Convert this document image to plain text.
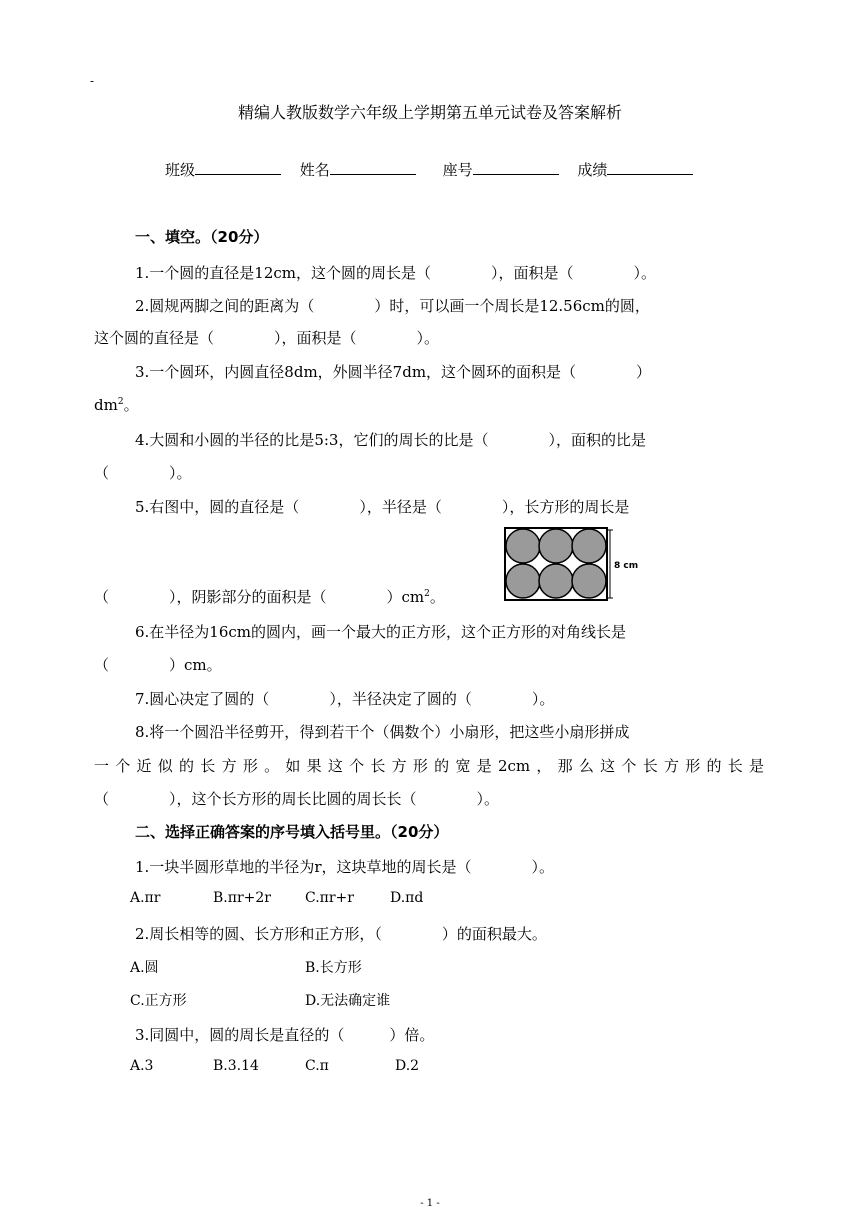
-
精编人教版数学六年级上学期第五单元试卷及答案解析
班级	姓名	座号	成绩
一、填空。（20分）
1.一个圆的直径是12cm，这个圆的周长是（　　　　），面积是（　　　　）。
2.圆规两脚之间的距离为（　　　　）时，可以画一个周长是12.56cm的圆，
这个圆的直径是（　　　　），面积是（　　　　）。
3.一个圆环，内圆直径8dm，外圆半径7dm，这个圆环的面积是（　　　　）
$dm^2$。
4.大圆和小圆的半径的比是5:3，它们的周长的比是（　　　　），面积的比是
（　　　　）。
5.右图中，圆的直径是（　　　　），半径是（　　　　），长方形的周长是
（　　　　），阴影部分的面积是（　　　　）$cm^2$。
8 cm
6.在半径为16cm的圆内，画一个最大的正方形，这个正方形的对角线长是
（　　　　）cm。
7.圆心决定了圆的（　　　　），半径决定了圆的（　　　　）。
8.将一个圆沿半径剪开，得到若干个（偶数个）小扇形，把这些小扇形拼成
一个近似的长方形。如果这个长方形的宽是2cm，那么这个长方形的长是
（　　　　），这个长方形的周长比圆的周长长（　　　　）。
二、选择正确答案的序号填入括号里。（20分）
1.一块半圆形草地的半径为r，这块草地的周长是（　　　　）。
A.πr	B.πr+2r C.πr+r	D.πd
2.周长相等的圆、长方形和正方形，（　　　　）的面积最大。
A.圆	B.长方形
C.正方形	D.无法确定谁
3.同圆中，圆的周长是直径的（　　　）倍。
A.3	B.3.14	C.π	D.2
- 1 -
